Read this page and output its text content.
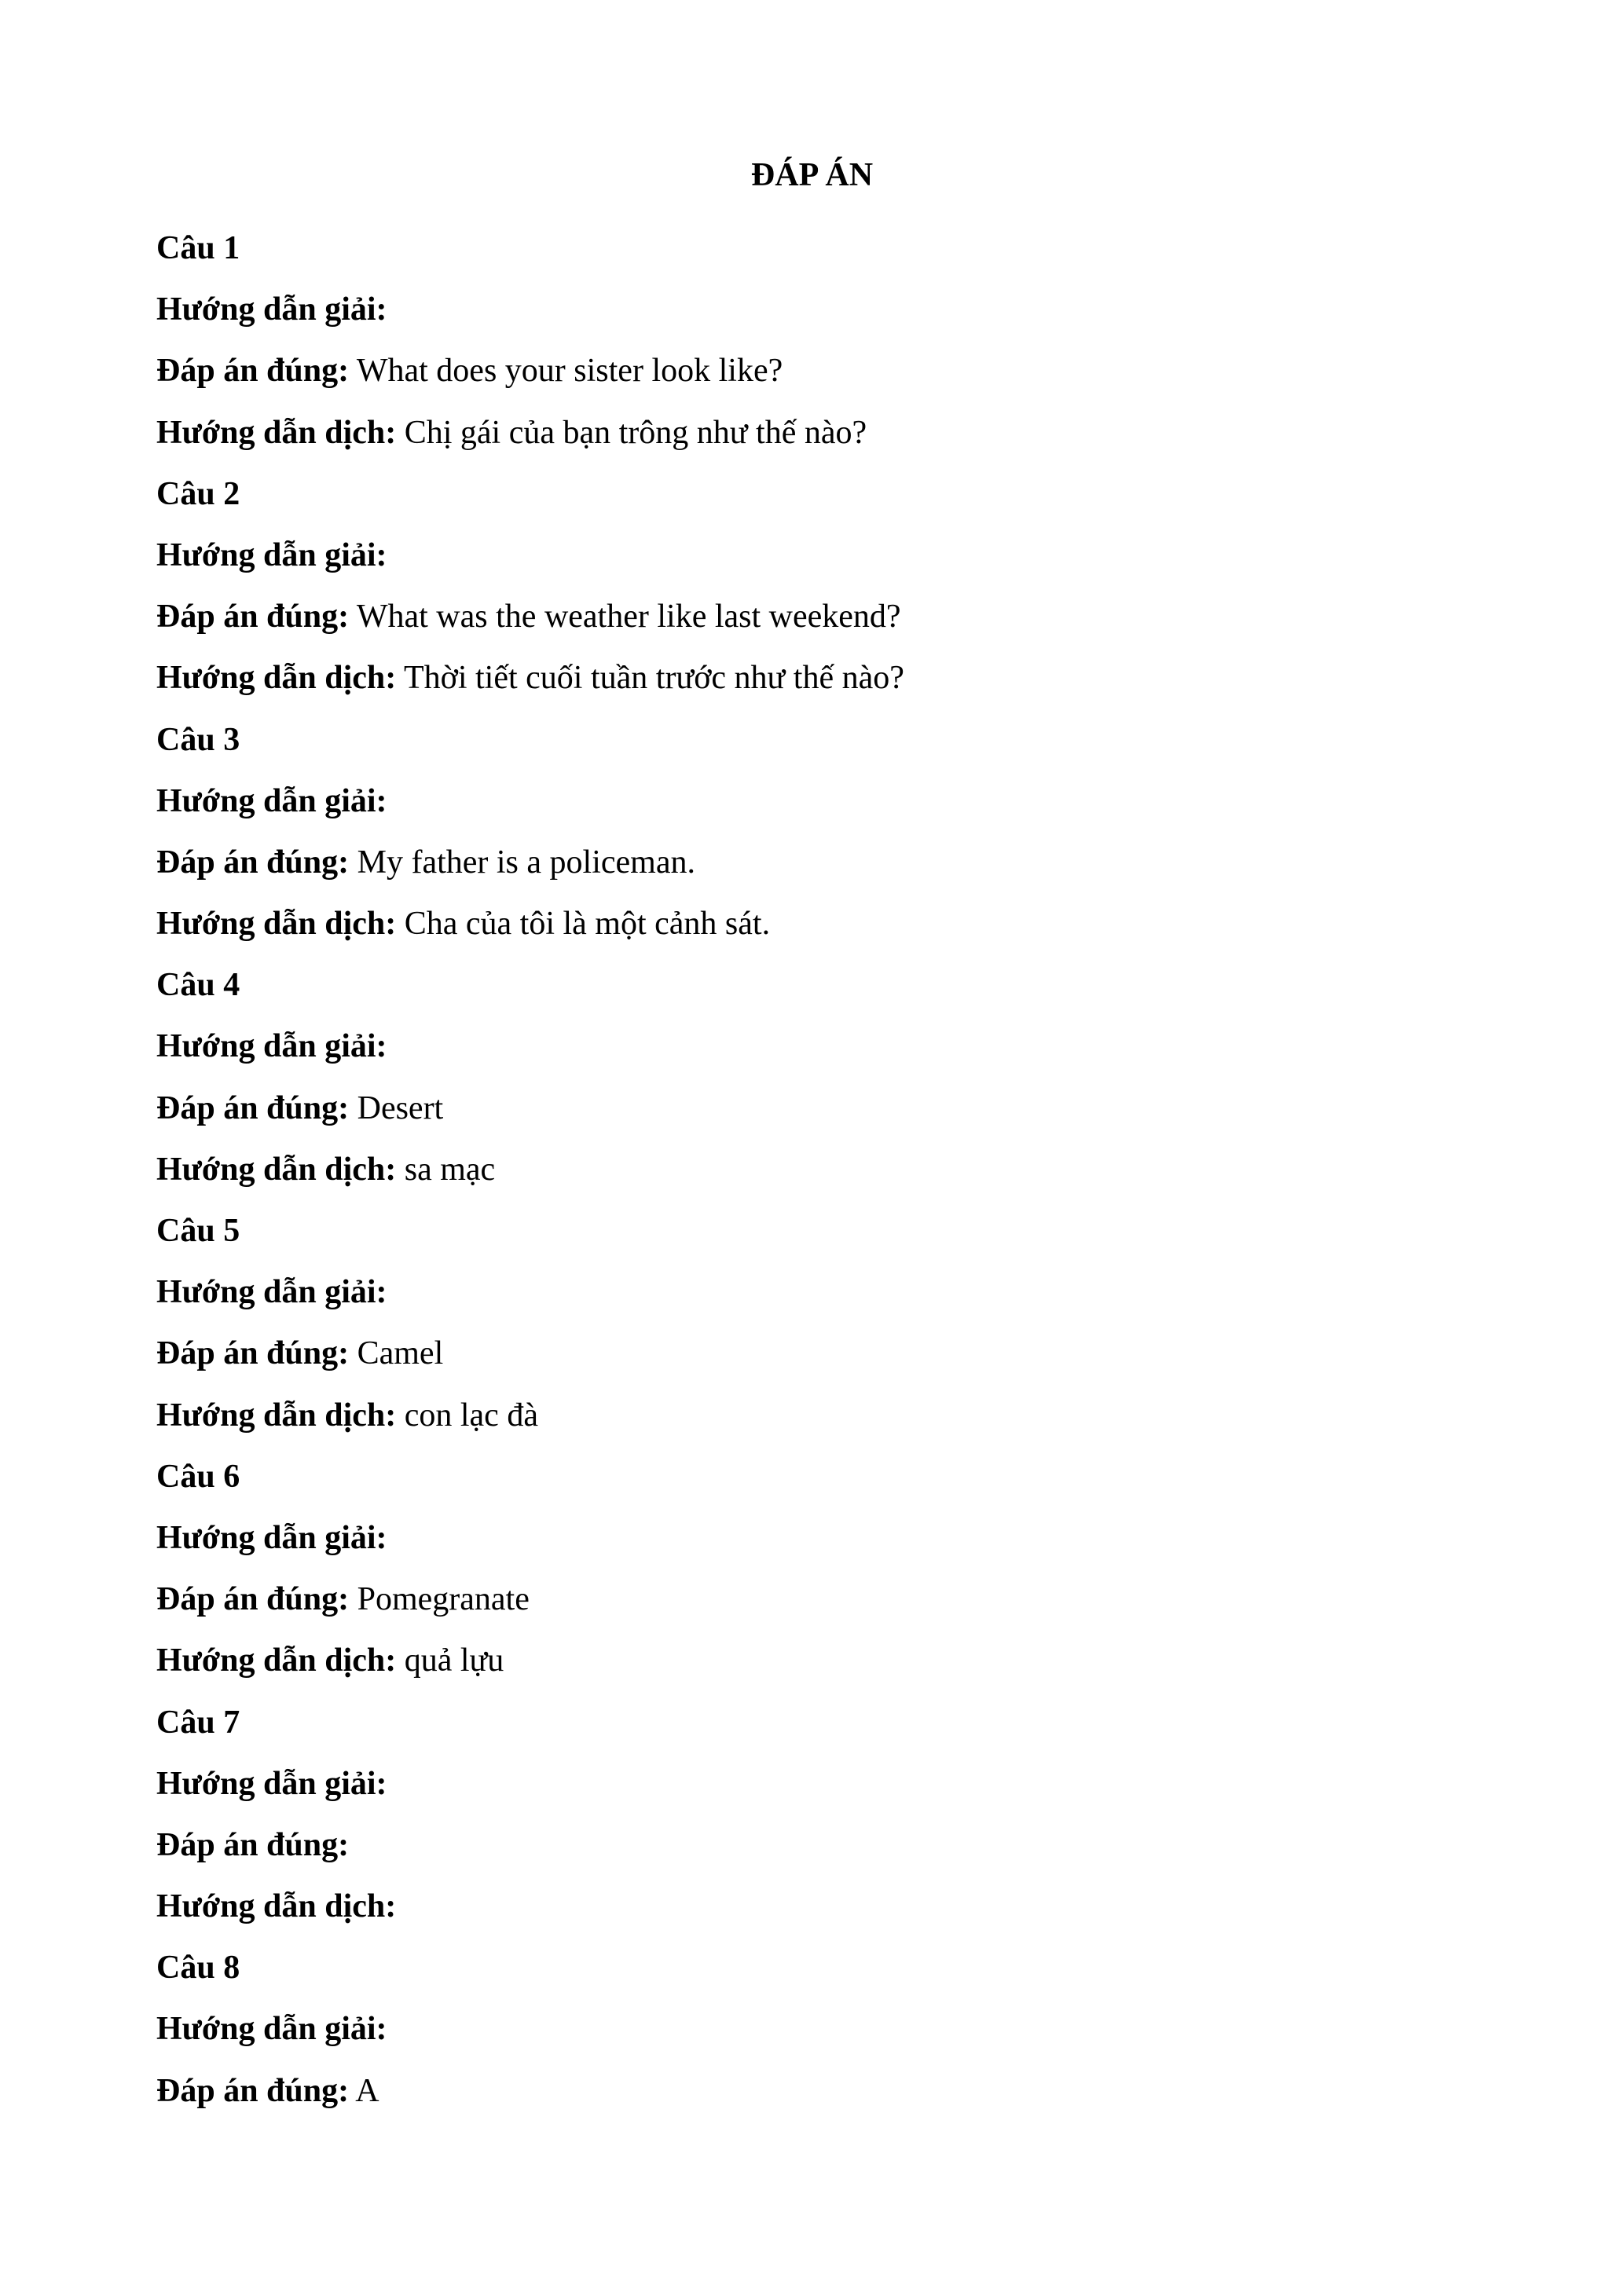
ĐÁP ÁN
Câu 1
Hướng dẫn giải:
Đáp án đúng: What does your sister look like?
Hướng dẫn dịch: Chị gái của bạn trông như thế nào?
Câu 2
Hướng dẫn giải:
Đáp án đúng: What was the weather like last weekend?
Hướng dẫn dịch: Thời tiết cuối tuần trước như thế nào?
Câu 3
Hướng dẫn giải:
Đáp án đúng: My father is a policeman.
Hướng dẫn dịch: Cha của tôi là một cảnh sát.
Câu 4
Hướng dẫn giải:
Đáp án đúng: Desert
Hướng dẫn dịch: sa mạc
Câu 5
Hướng dẫn giải:
Đáp án đúng: Camel
Hướng dẫn dịch: con lạc đà
Câu 6
Hướng dẫn giải:
Đáp án đúng: Pomegranate
Hướng dẫn dịch: quả lựu
Câu 7
Hướng dẫn giải:
Đáp án đúng:
Hướng dẫn dịch:
Câu 8
Hướng dẫn giải:
Đáp án đúng: A
